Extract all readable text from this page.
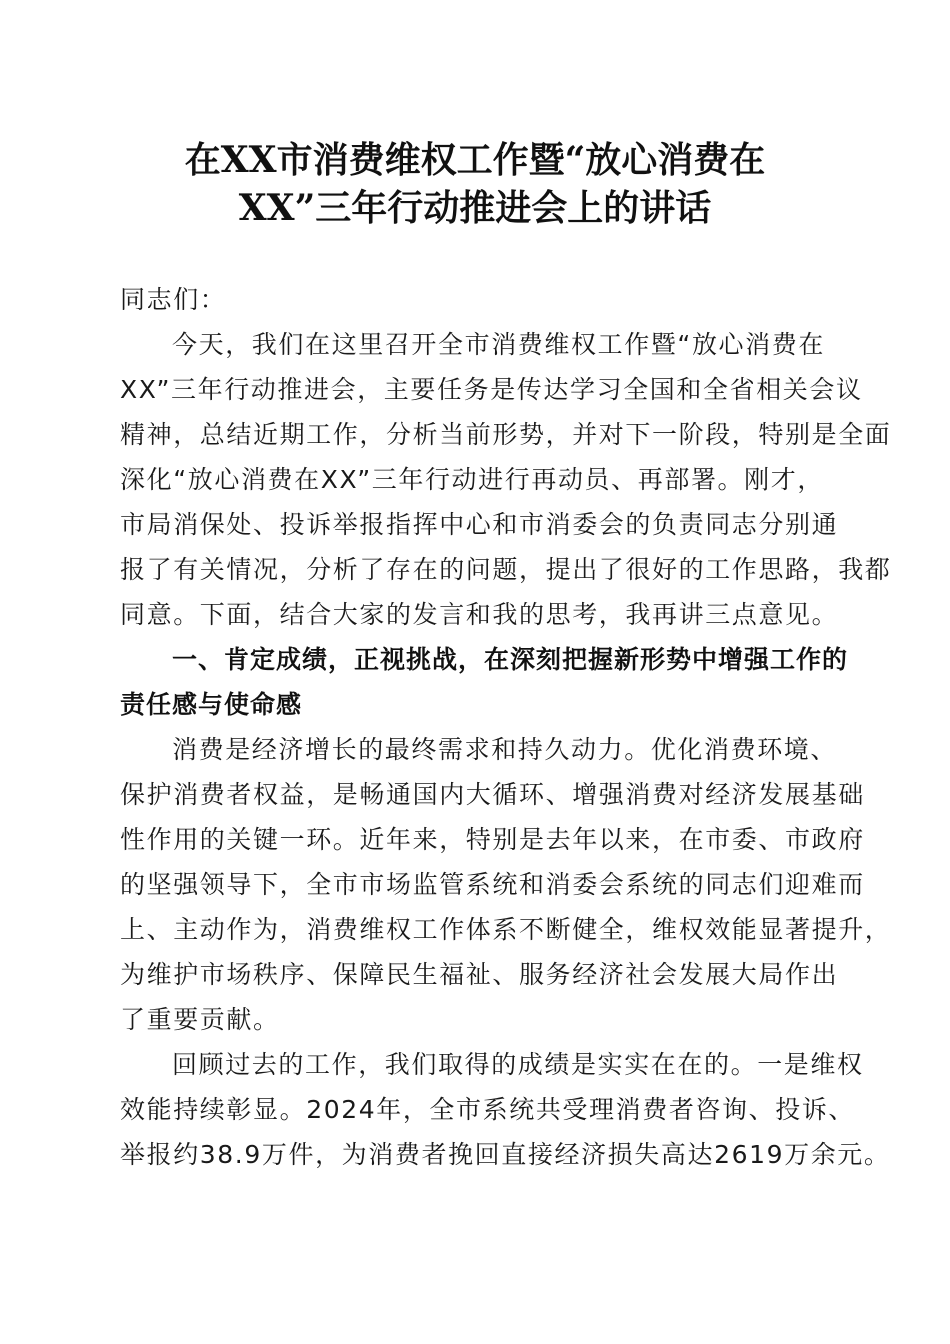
在XX市消费维权工作暨“放心消费在
XX”三年行动推进会上的讲话
同志们：
今天，我们在这里召开全市消费维权工作暨“放心消费在
XX”三年行动推进会，主要任务是传达学习全国和全省相关会议
精神，总结近期工作，分析当前形势，并对下一阶段，特别是全面
深化“放心消费在XX”三年行动进行再动员、再部署。刚才，
市局消保处、投诉举报指挥中心和市消委会的负责同志分别通
报了有关情况，分析了存在的问题，提出了很好的工作思路，我都
同意。下面，结合大家的发言和我的思考，我再讲三点意见。
一、肯定成绩，正视挑战，在深刻把握新形势中增强工作的
责任感与使命感
消费是经济增长的最终需求和持久动力。优化消费环境、
保护消费者权益，是畅通国内大循环、增强消费对经济发展基础
性作用的关键一环。近年来，特别是去年以来，在市委、市政府
的坚强领导下，全市市场监管系统和消委会系统的同志们迎难而
上、主动作为，消费维权工作体系不断健全，维权效能显著提升，
为维护市场秩序、保障民生福祉、服务经济社会发展大局作出
了重要贡献。
回顾过去的工作，我们取得的成绩是实实在在的。一是维权
效能持续彰显。2024年，全市系统共受理消费者咨询、投诉、
举报约38.9万件，为消费者挽回直接经济损失高达2619万余元。
